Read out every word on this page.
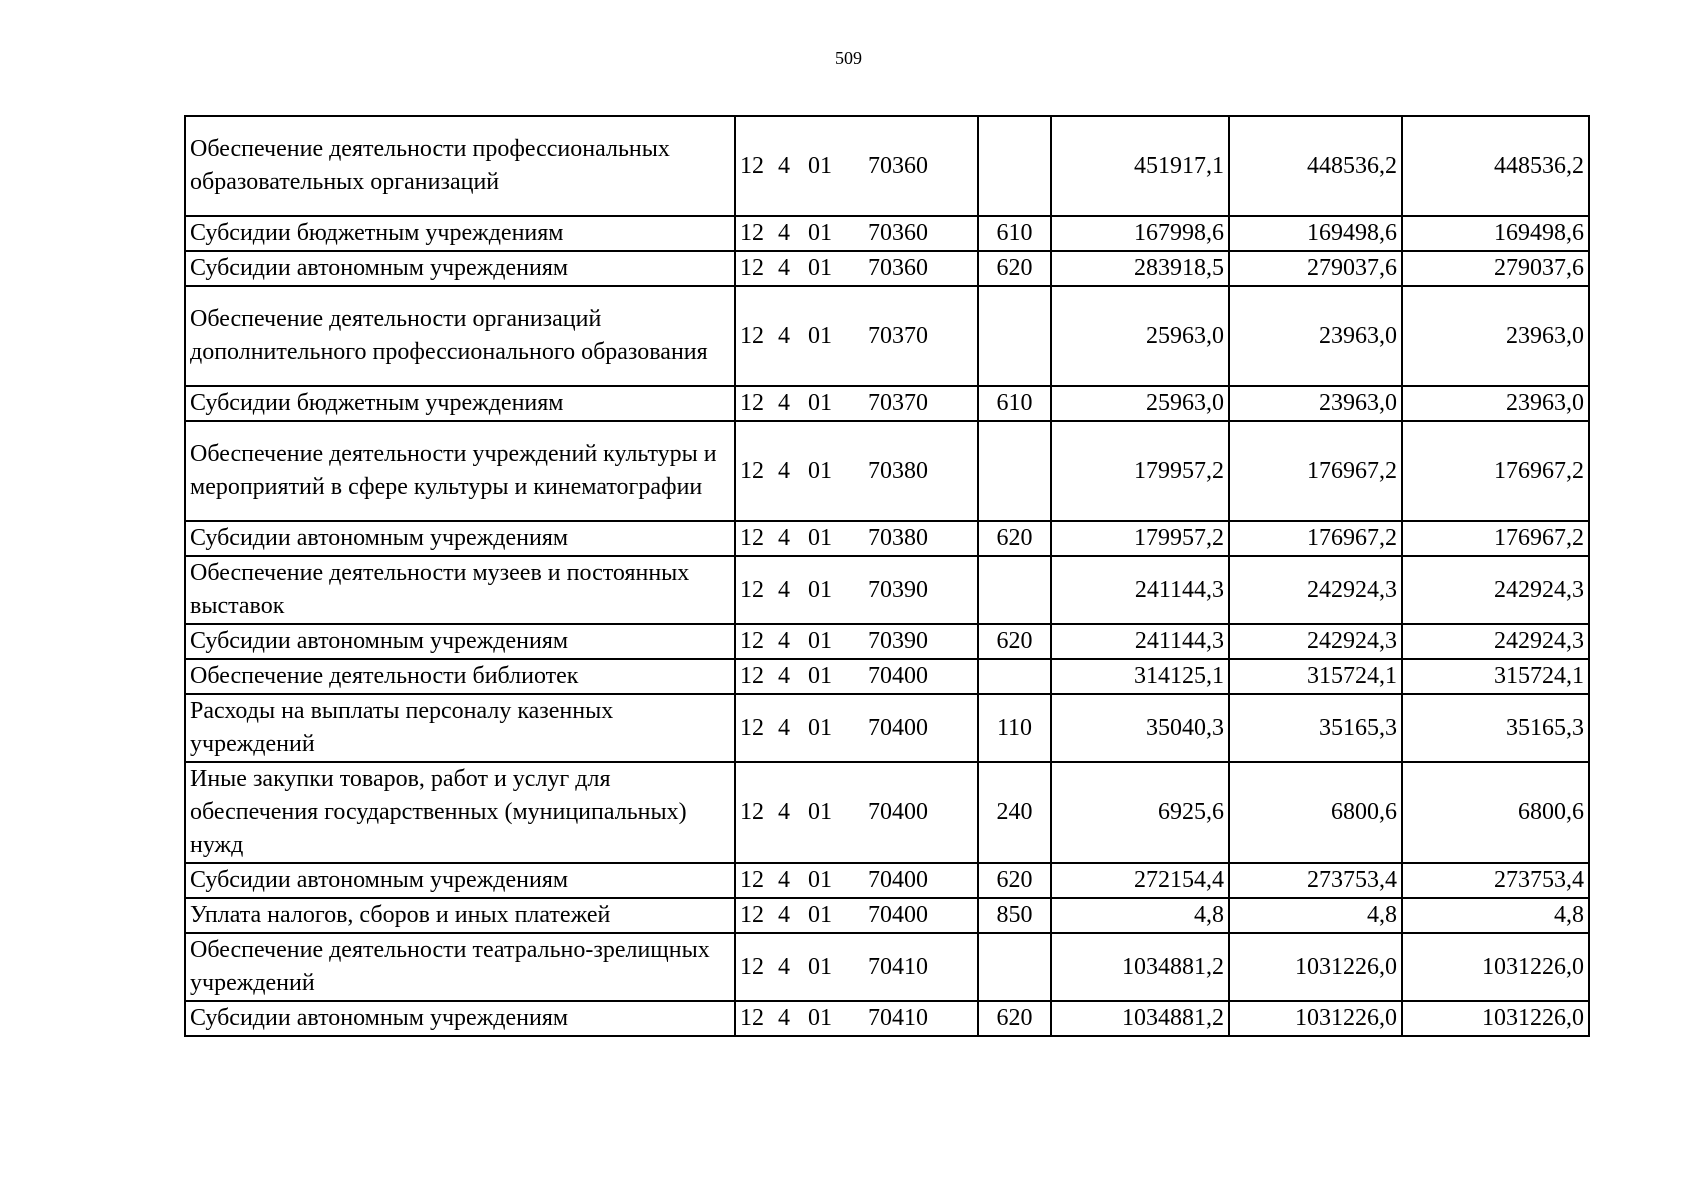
509
Обеспечение деятельности профессиональных образовательных организаций	12 4 01 70360		451917,1	448536,2	448536,2
Субсидии бюджетным учреждениям	12 4 01 70360	610	167998,6	169498,6	169498,6
Субсидии автономным учреждениям	12 4 01 70360	620	283918,5	279037,6	279037,6
Обеспечение деятельности организаций дополнительного профессионального образования	12 4 01 70370		25963,0	23963,0	23963,0
Субсидии бюджетным учреждениям	12 4 01 70370	610	25963,0	23963,0	23963,0
Обеспечение деятельности учреждений культуры и мероприятий в сфере культуры и кинематографии	12 4 01 70380		179957,2	176967,2	176967,2
Субсидии автономным учреждениям	12 4 01 70380	620	179957,2	176967,2	176967,2
Обеспечение деятельности музеев и постоянных выставок	12 4 01 70390		241144,3	242924,3	242924,3
Субсидии автономным учреждениям	12 4 01 70390	620	241144,3	242924,3	242924,3
Обеспечение деятельности библиотек	12 4 01 70400		314125,1	315724,1	315724,1
Расходы на выплаты персоналу казенных учреждений	12 4 01 70400	110	35040,3	35165,3	35165,3
Иные закупки товаров, работ и услуг для обеспечения государственных (муниципальных) нужд	12 4 01 70400	240	6925,6	6800,6	6800,6
Субсидии автономным учреждениям	12 4 01 70400	620	272154,4	273753,4	273753,4
Уплата налогов, сборов и иных платежей	12 4 01 70400	850	4,8	4,8	4,8
Обеспечение деятельности театрально-зрелищных учреждений	12 4 01 70410		1034881,2	1031226,0	1031226,0
Субсидии автономным учреждениям	12 4 01 70410	620	1034881,2	1031226,0	1031226,0
